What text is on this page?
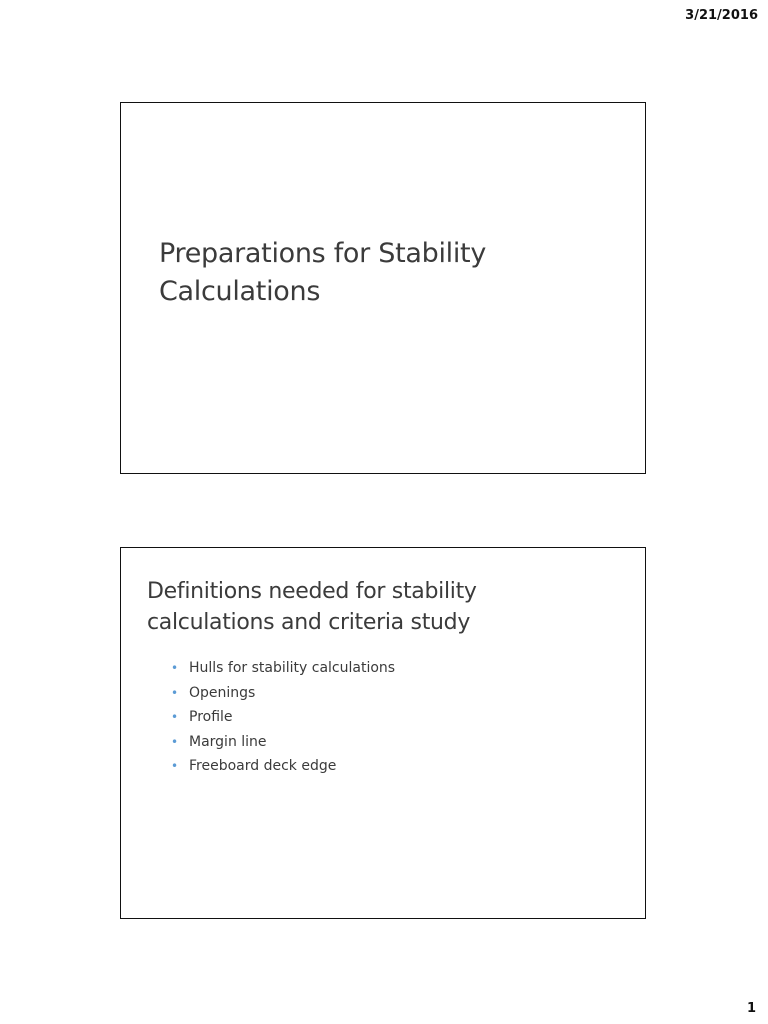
3/21/2016
Preparations for Stability
Calculations
Definitions needed for stability
calculations and criteria study
• Hulls for stability calculations
• Openings
• Profile
• Margin line
• Freeboard deck edge
1
